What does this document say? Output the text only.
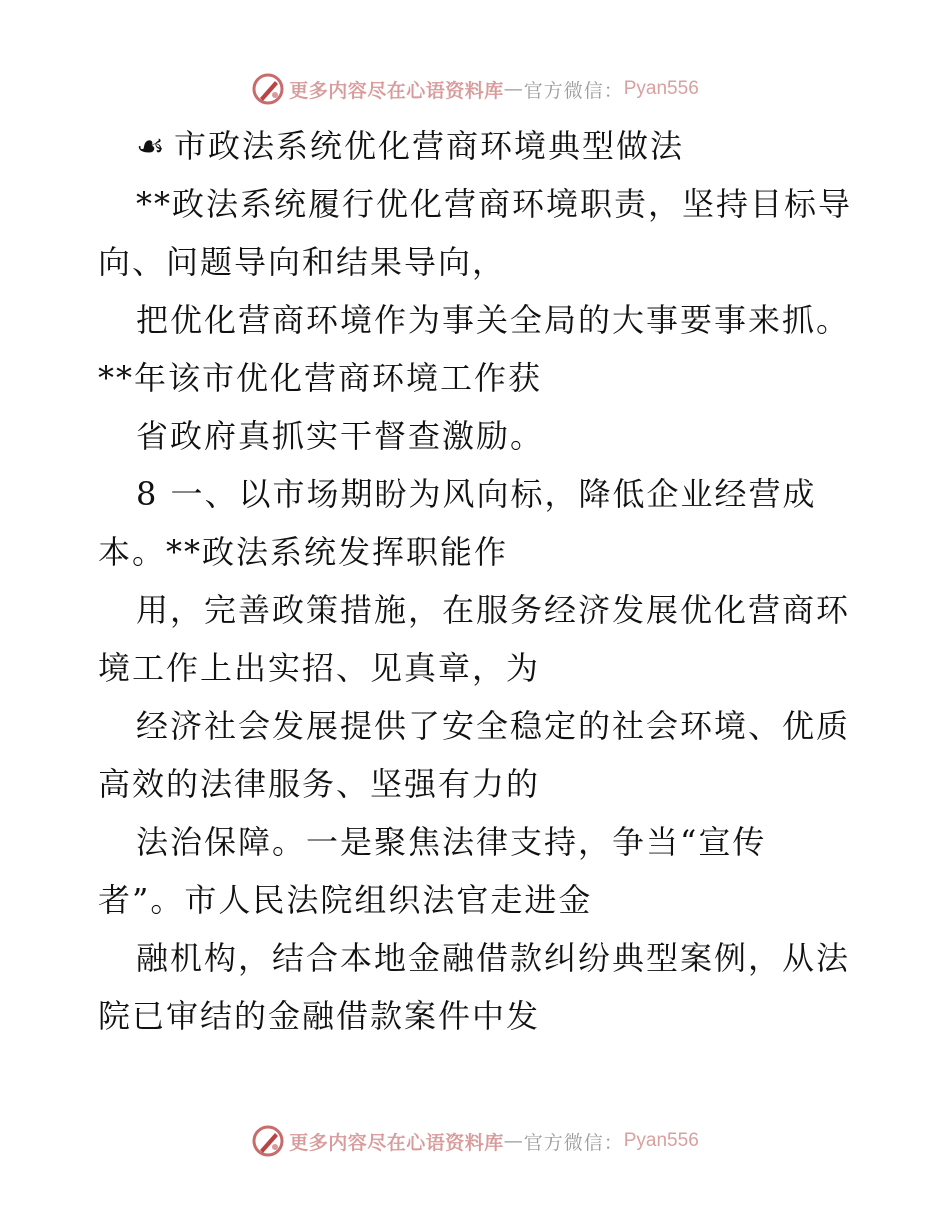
更多内容尽在心语资料库 — 官方微信： Pyan556
☙ 市政法系统优化营商环境典型做法
**政法系统履行优化营商环境职责，坚持目标导
向、问题导向和结果导向，
把优化营商环境作为事关全局的大事要事来抓。
**年该市优化营商环境工作获
省政府真抓实干督查激励。
8 一、以市场期盼为风向标，降低企业经营成
本。**政法系统发挥职能作
用，完善政策措施，在服务经济发展优化营商环
境工作上出实招、见真章，为
经济社会发展提供了安全稳定的社会环境、优质
高效的法律服务、坚强有力的
法治保障。一是聚焦法律支持，争当“宣传
者”。市人民法院组织法官走进金
融机构，结合本地金融借款纠纷典型案例，从法
院已审结的金融借款案件中发
更多内容尽在心语资料库 — 官方微信： Pyan556
